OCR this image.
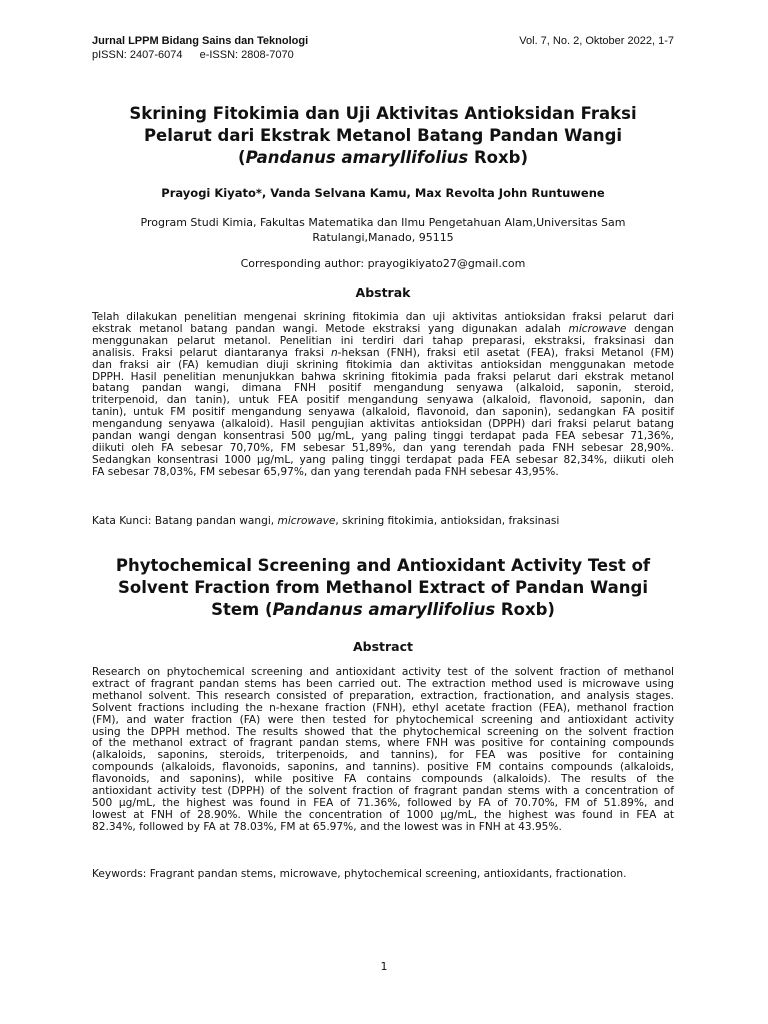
Jurnal LPPM Bidang Sains dan Teknologi	Vol. 7, No. 2, Oktober 2022, 1-7
pISSN: 2407-6074 e-ISSN: 2808-7070
Skrining Fitokimia dan Uji Aktivitas Antioksidan Fraksi
Pelarut dari Ekstrak Metanol Batang Pandan Wangi
(Pandanus amaryllifolius Roxb)
Prayogi Kiyato*, Vanda Selvana Kamu, Max Revolta John Runtuwene
Program Studi Kimia, Fakultas Matematika dan Ilmu Pengetahuan Alam,Universitas Sam
Ratulangi,Manado, 95115
Corresponding author: prayogikiyato27@gmail.com
Abstrak
Telah dilakukan penelitian mengenai skrining fitokimia dan uji aktivitas antioksidan fraksi pelarut dari
ekstrak metanol batang pandan wangi. Metode ekstraksi yang digunakan adalah microwave dengan
menggunakan pelarut metanol. Penelitian ini terdiri dari tahap preparasi, ekstraksi, fraksinasi dan
analisis. Fraksi pelarut diantaranya fraksi n-heksan (FNH), fraksi etil asetat (FEA), fraksi Metanol (FM)
dan fraksi air (FA) kemudian diuji skrining fitokimia dan aktivitas antioksidan menggunakan metode
DPPH. Hasil penelitian menunjukkan bahwa skrining fitokimia pada fraksi pelarut dari ekstrak metanol
batang pandan wangi, dimana FNH positif mengandung senyawa (alkaloid, saponin, steroid,
triterpenoid, dan tanin), untuk FEA positif mengandung senyawa (alkaloid, flavonoid, saponin, dan
tanin), untuk FM positif mengandung senyawa (alkaloid, flavonoid, dan saponin), sedangkan FA positif
mengandung senyawa (alkaloid). Hasil pengujian aktivitas antioksidan (DPPH) dari fraksi pelarut batang
pandan wangi dengan konsentrasi 500 µg/mL, yang paling tinggi terdapat pada FEA sebesar 71,36%,
diikuti oleh FA sebesar 70,70%, FM sebesar 51,89%, dan yang terendah pada FNH sebesar 28,90%.
Sedangkan konsentrasi 1000 µg/mL, yang paling tinggi terdapat pada FEA sebesar 82,34%, diikuti oleh
FA sebesar 78,03%, FM sebesar 65,97%, dan yang terendah pada FNH sebesar 43,95%.
Kata Kunci: Batang pandan wangi, microwave, skrining fitokimia, antioksidan, fraksinasi
Phytochemical Screening and Antioxidant Activity Test of
Solvent Fraction from Methanol Extract of Pandan Wangi
Stem (Pandanus amaryllifolius Roxb)
Abstract
Research on phytochemical screening and antioxidant activity test of the solvent fraction of methanol
extract of fragrant pandan stems has been carried out. The extraction method used is microwave using
methanol solvent. This research consisted of preparation, extraction, fractionation, and analysis stages.
Solvent fractions including the n-hexane fraction (FNH), ethyl acetate fraction (FEA), methanol fraction
(FM), and water fraction (FA) were then tested for phytochemical screening and antioxidant activity
using the DPPH method. The results showed that the phytochemical screening on the solvent fraction
of the methanol extract of fragrant pandan stems, where FNH was positive for containing compounds
(alkaloids, saponins, steroids, triterpenoids, and tannins), for FEA was positive for containing
compounds (alkaloids, flavonoids, saponins, and tannins). positive FM contains compounds (alkaloids,
flavonoids, and saponins), while positive FA contains compounds (alkaloids). The results of the
antioxidant activity test (DPPH) of the solvent fraction of fragrant pandan stems with a concentration of
500 µg/mL, the highest was found in FEA of 71.36%, followed by FA of 70.70%, FM of 51.89%, and
lowest at FNH of 28.90%. While the concentration of 1000 µg/mL, the highest was found in FEA at
82.34%, followed by FA at 78.03%, FM at 65.97%, and the lowest was in FNH at 43.95%.
Keywords: Fragrant pandan stems, microwave, phytochemical screening, antioxidants, fractionation.
1
